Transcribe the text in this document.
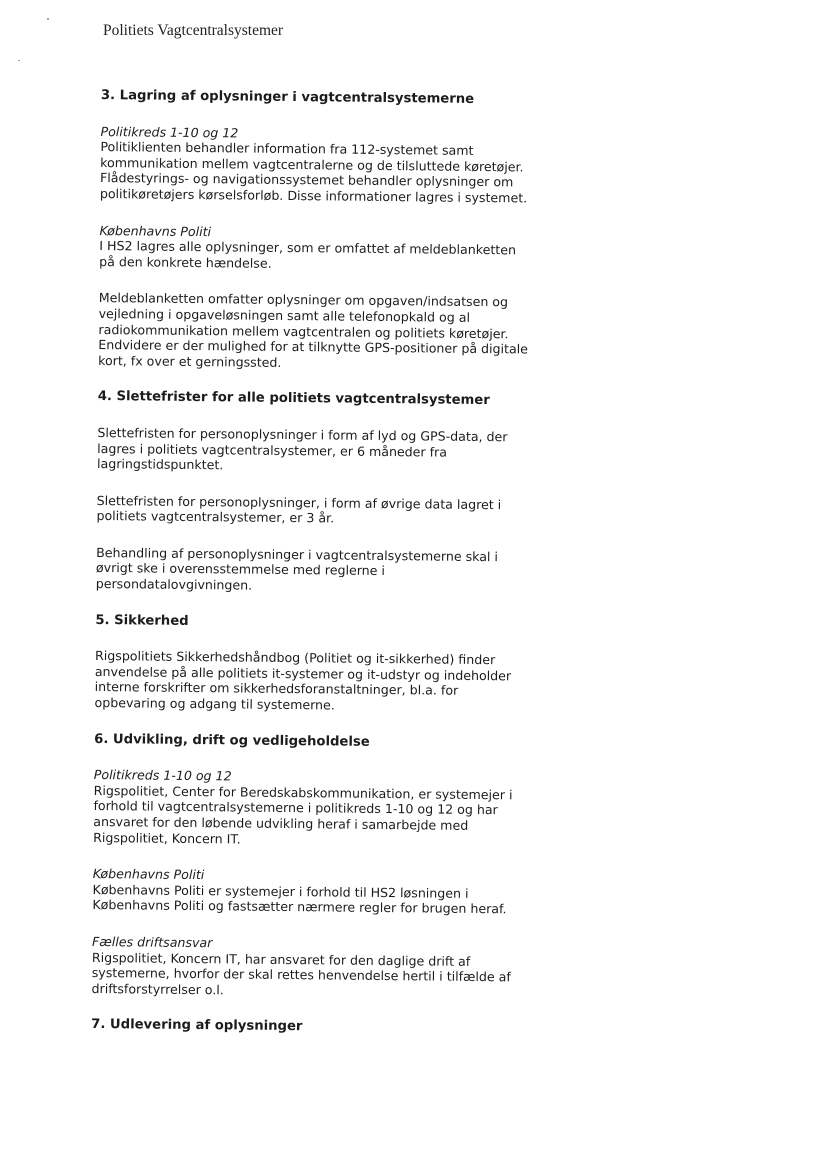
Politiets Vagtcentralsystemer
3. Lagring af oplysninger i vagtcentralsystemerne
Politikreds 1-10 og 12
Politiklienten behandler information fra 112-systemet samt
kommunikation mellem vagtcentralerne og de tilsluttede køretøjer.
Flådestyrings- og navigationssystemet behandler oplysninger om
politikøretøjers kørselsforløb. Disse informationer lagres i systemet.
Københavns Politi
I HS2 lagres alle oplysninger, som er omfattet af meldeblanketten
på den konkrete hændelse.
Meldeblanketten omfatter oplysninger om opgaven/indsatsen og
vejledning i opgaveløsningen samt alle telefonopkald og al
radiokommunikation mellem vagtcentralen og politiets køretøjer.
Endvidere er der mulighed for at tilknytte GPS-positioner på digitale
kort, fx over et gerningssted.
4. Slettefrister for alle politiets vagtcentralsystemer
Slettefristen for personoplysninger i form af lyd og GPS-data, der
lagres i politiets vagtcentralsystemer, er 6 måneder fra
lagringstidspunktet.
Slettefristen for personoplysninger, i form af øvrige data lagret i
politiets vagtcentralsystemer, er 3 år.
Behandling af personoplysninger i vagtcentralsystemerne skal i
øvrigt ske i overensstemmelse med reglerne i
persondatalovgivningen.
5. Sikkerhed
Rigspolitiets Sikkerhedshåndbog (Politiet og it-sikkerhed) finder
anvendelse på alle politiets it-systemer og it-udstyr og indeholder
interne forskrifter om sikkerhedsforanstaltninger, bl.a. for
opbevaring og adgang til systemerne.
6. Udvikling, drift og vedligeholdelse
Politikreds 1-10 og 12
Rigspolitiet, Center for Beredskabskommunikation, er systemejer i
forhold til vagtcentralsystemerne i politikreds 1-10 og 12 og har
ansvaret for den løbende udvikling heraf i samarbejde med
Rigspolitiet, Koncern IT.
Københavns Politi
Københavns Politi er systemejer i forhold til HS2 løsningen i
Københavns Politi og fastsætter nærmere regler for brugen heraf.
Fælles driftsansvar
Rigspolitiet, Koncern IT, har ansvaret for den daglige drift af
systemerne, hvorfor der skal rettes henvendelse hertil i tilfælde af
driftsforstyrrelser o.l.
7. Udlevering af oplysninger
